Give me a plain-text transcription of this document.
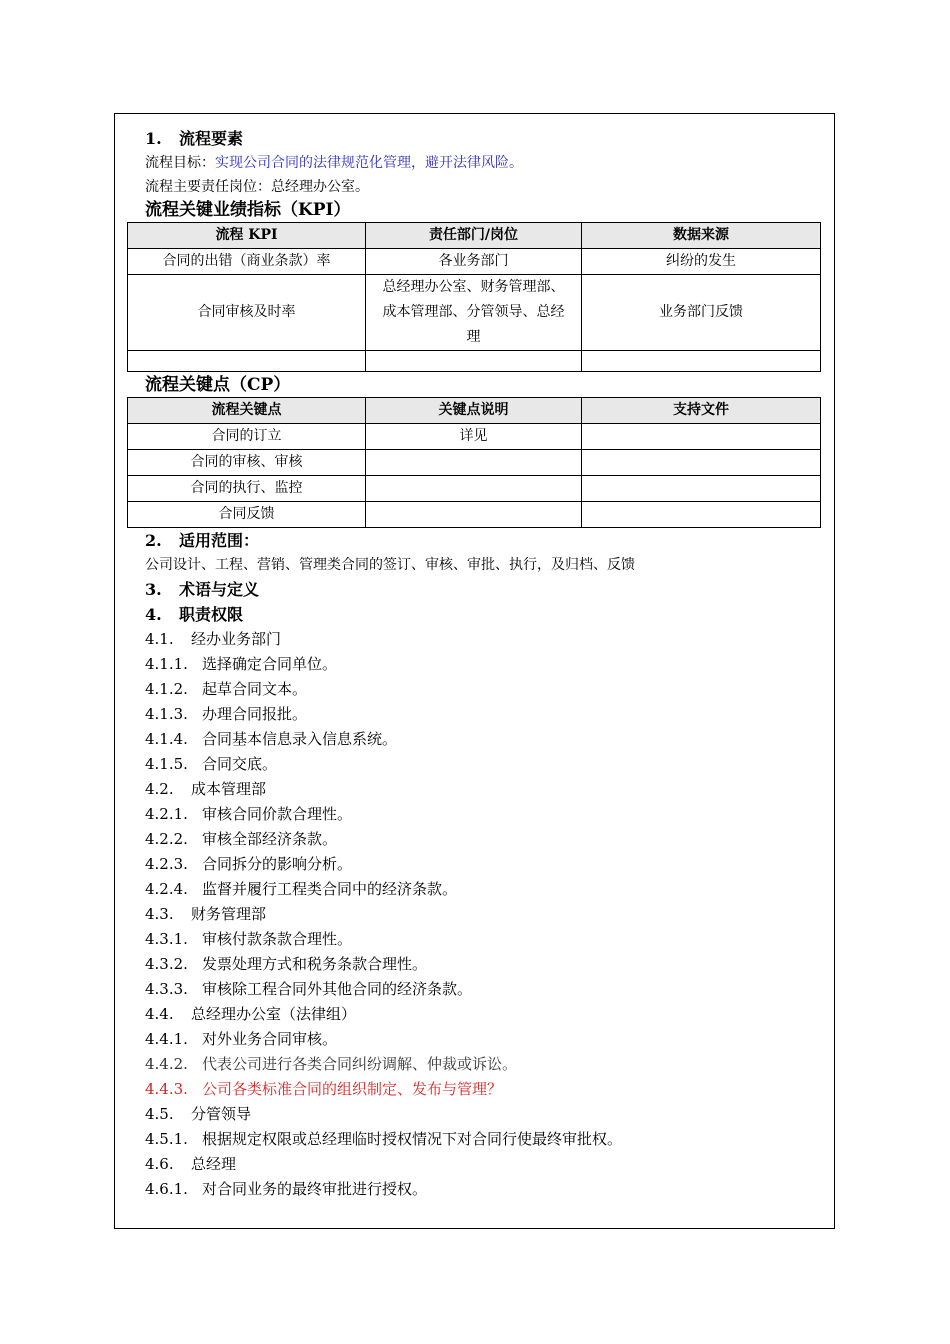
1. 流程要素
流程目标：实现公司合同的法律规范化管理，避开法律风险。
流程主要责任岗位：总经理办公室。
流程关键业绩指标（KPI）
流程 KPI	责任部门/岗位	数据来源
合同的出错（商业条款）率	各业务部门	纠纷的发生
合同审核及时率	总经理办公室、财务管理部、成本管理部、分管领导、总经理	业务部门反馈

流程关键点（CP）
流程关键点	关键点说明	支持文件
合同的订立	详见	
合同的审核、审核		
合同的执行、监控		
合同反馈		
2. 适用范围：
公司设计、工程、营销、管理类合同的签订、审核、审批、执行，及归档、反馈
3. 术语与定义
4. 职责权限
4.1. 经办业务部门
4.1.1. 选择确定合同单位。
4.1.2. 起草合同文本。
4.1.3. 办理合同报批。
4.1.4. 合同基本信息录入信息系统。
4.1.5. 合同交底。
4.2. 成本管理部
4.2.1. 审核合同价款合理性。
4.2.2. 审核全部经济条款。
4.2.3. 合同拆分的影响分析。
4.2.4. 监督并履行工程类合同中的经济条款。
4.3. 财务管理部
4.3.1. 审核付款条款合理性。
4.3.2. 发票处理方式和税务条款合理性。
4.3.3. 审核除工程合同外其他合同的经济条款。
4.4. 总经理办公室（法律组）
4.4.1. 对外业务合同审核。
4.4.2. 代表公司进行各类合同纠纷调解、仲裁或诉讼。
4.4.3. 公司各类标准合同的组织制定、发布与管理？
4.5. 分管领导
4.5.1. 根据规定权限或总经理临时授权情况下对合同行使最终审批权。
4.6. 总经理
4.6.1. 对合同业务的最终审批进行授权。
